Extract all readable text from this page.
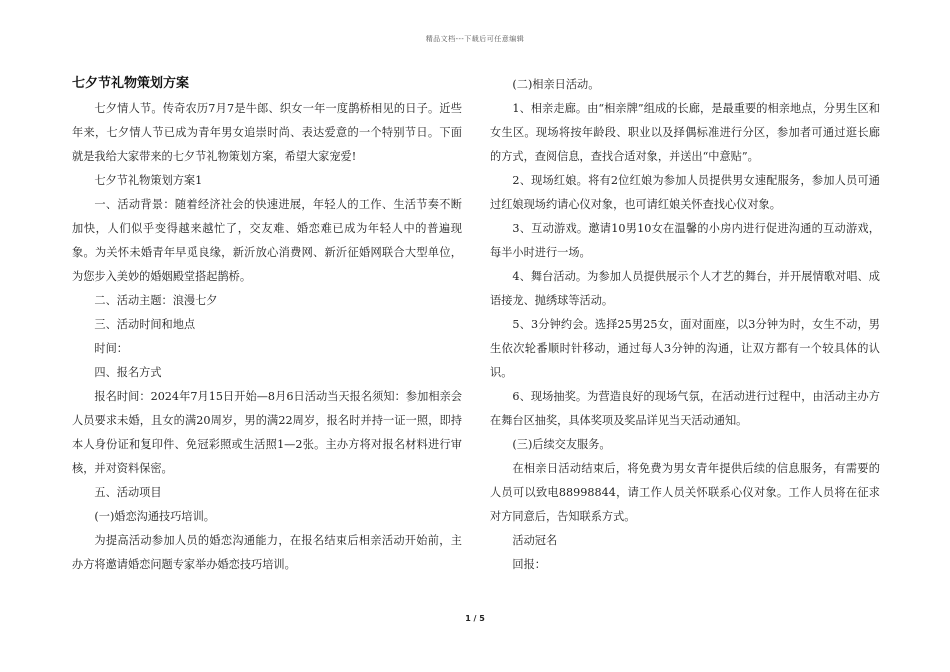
精品文档---下载后可任意编辑
七夕节礼物策划方案

七夕情人节。传奇农历7月7是牛郎、织女一年一度鹊桥相见的日子。近些年来，七夕情人节已成为青年男女追崇时尚、表达爱意的一个特别节日。下面就是我给大家带来的七夕节礼物策划方案，希望大家宠爱!

七夕节礼物策划方案1

一、活动背景：随着经济社会的快速进展，年轻人的工作、生活节奏不断加快，人们似乎变得越来越忙了，交友难、婚恋难已成为年轻人中的普遍现象。为关怀未婚青年早觅良缘，新沂放心消费网、新沂征婚网联合大型单位，为您步入美妙的婚姻殿堂搭起鹊桥。

二、活动主题：浪漫七夕

三、活动时间和地点

时间：

四、报名方式

报名时间：2024年7月15日开始—8月6日活动当天报名须知：参加相亲会人员要求未婚，且女的满20周岁，男的满22周岁，报名时并持一证一照，即持本人身份证和复印件、免冠彩照或生活照1—2张。主办方将对报名材料进行审核，并对资料保密。

五、活动项目

(一)婚恋沟通技巧培训。

为提高活动参加人员的婚恋沟通能力，在报名结束后相亲活动开始前，主办方将邀请婚恋问题专家举办婚恋技巧培训。

(二)相亲日活动。

1、相亲走廊。由“相亲牌”组成的长廊，是最重要的相亲地点，分男生区和女生区。现场将按年龄段、职业以及择偶标准进行分区，参加者可通过逛长廊的方式，查阅信息，查找合适对象，并送出“中意贴”。

2、现场红娘。将有2位红娘为参加人员提供男女速配服务，参加人员可通过红娘现场约请心仪对象，也可请红娘关怀查找心仪对象。

3、互动游戏。邀请10男10女在温馨的小房内进行促进沟通的互动游戏，每半小时进行一场。

4、舞台活动。为参加人员提供展示个人才艺的舞台，并开展情歌对唱、成语接龙、抛绣球等活动。

5、3分钟约会。选择25男25女，面对面座，以3分钟为时，女生不动，男生依次轮番顺时针移动，通过每人3分钟的沟通，让双方都有一个较具体的认识。

6、现场抽奖。为营造良好的现场气氛，在活动进行过程中，由活动主办方在舞台区抽奖，具体奖项及奖品详见当天活动通知。

(三)后续交友服务。

在相亲日活动结束后，将免费为男女青年提供后续的信息服务，有需要的人员可以致电88998844，请工作人员关怀联系心仪对象。工作人员将在征求对方同意后，告知联系方式。

活动冠名

回报：

1 / 5
